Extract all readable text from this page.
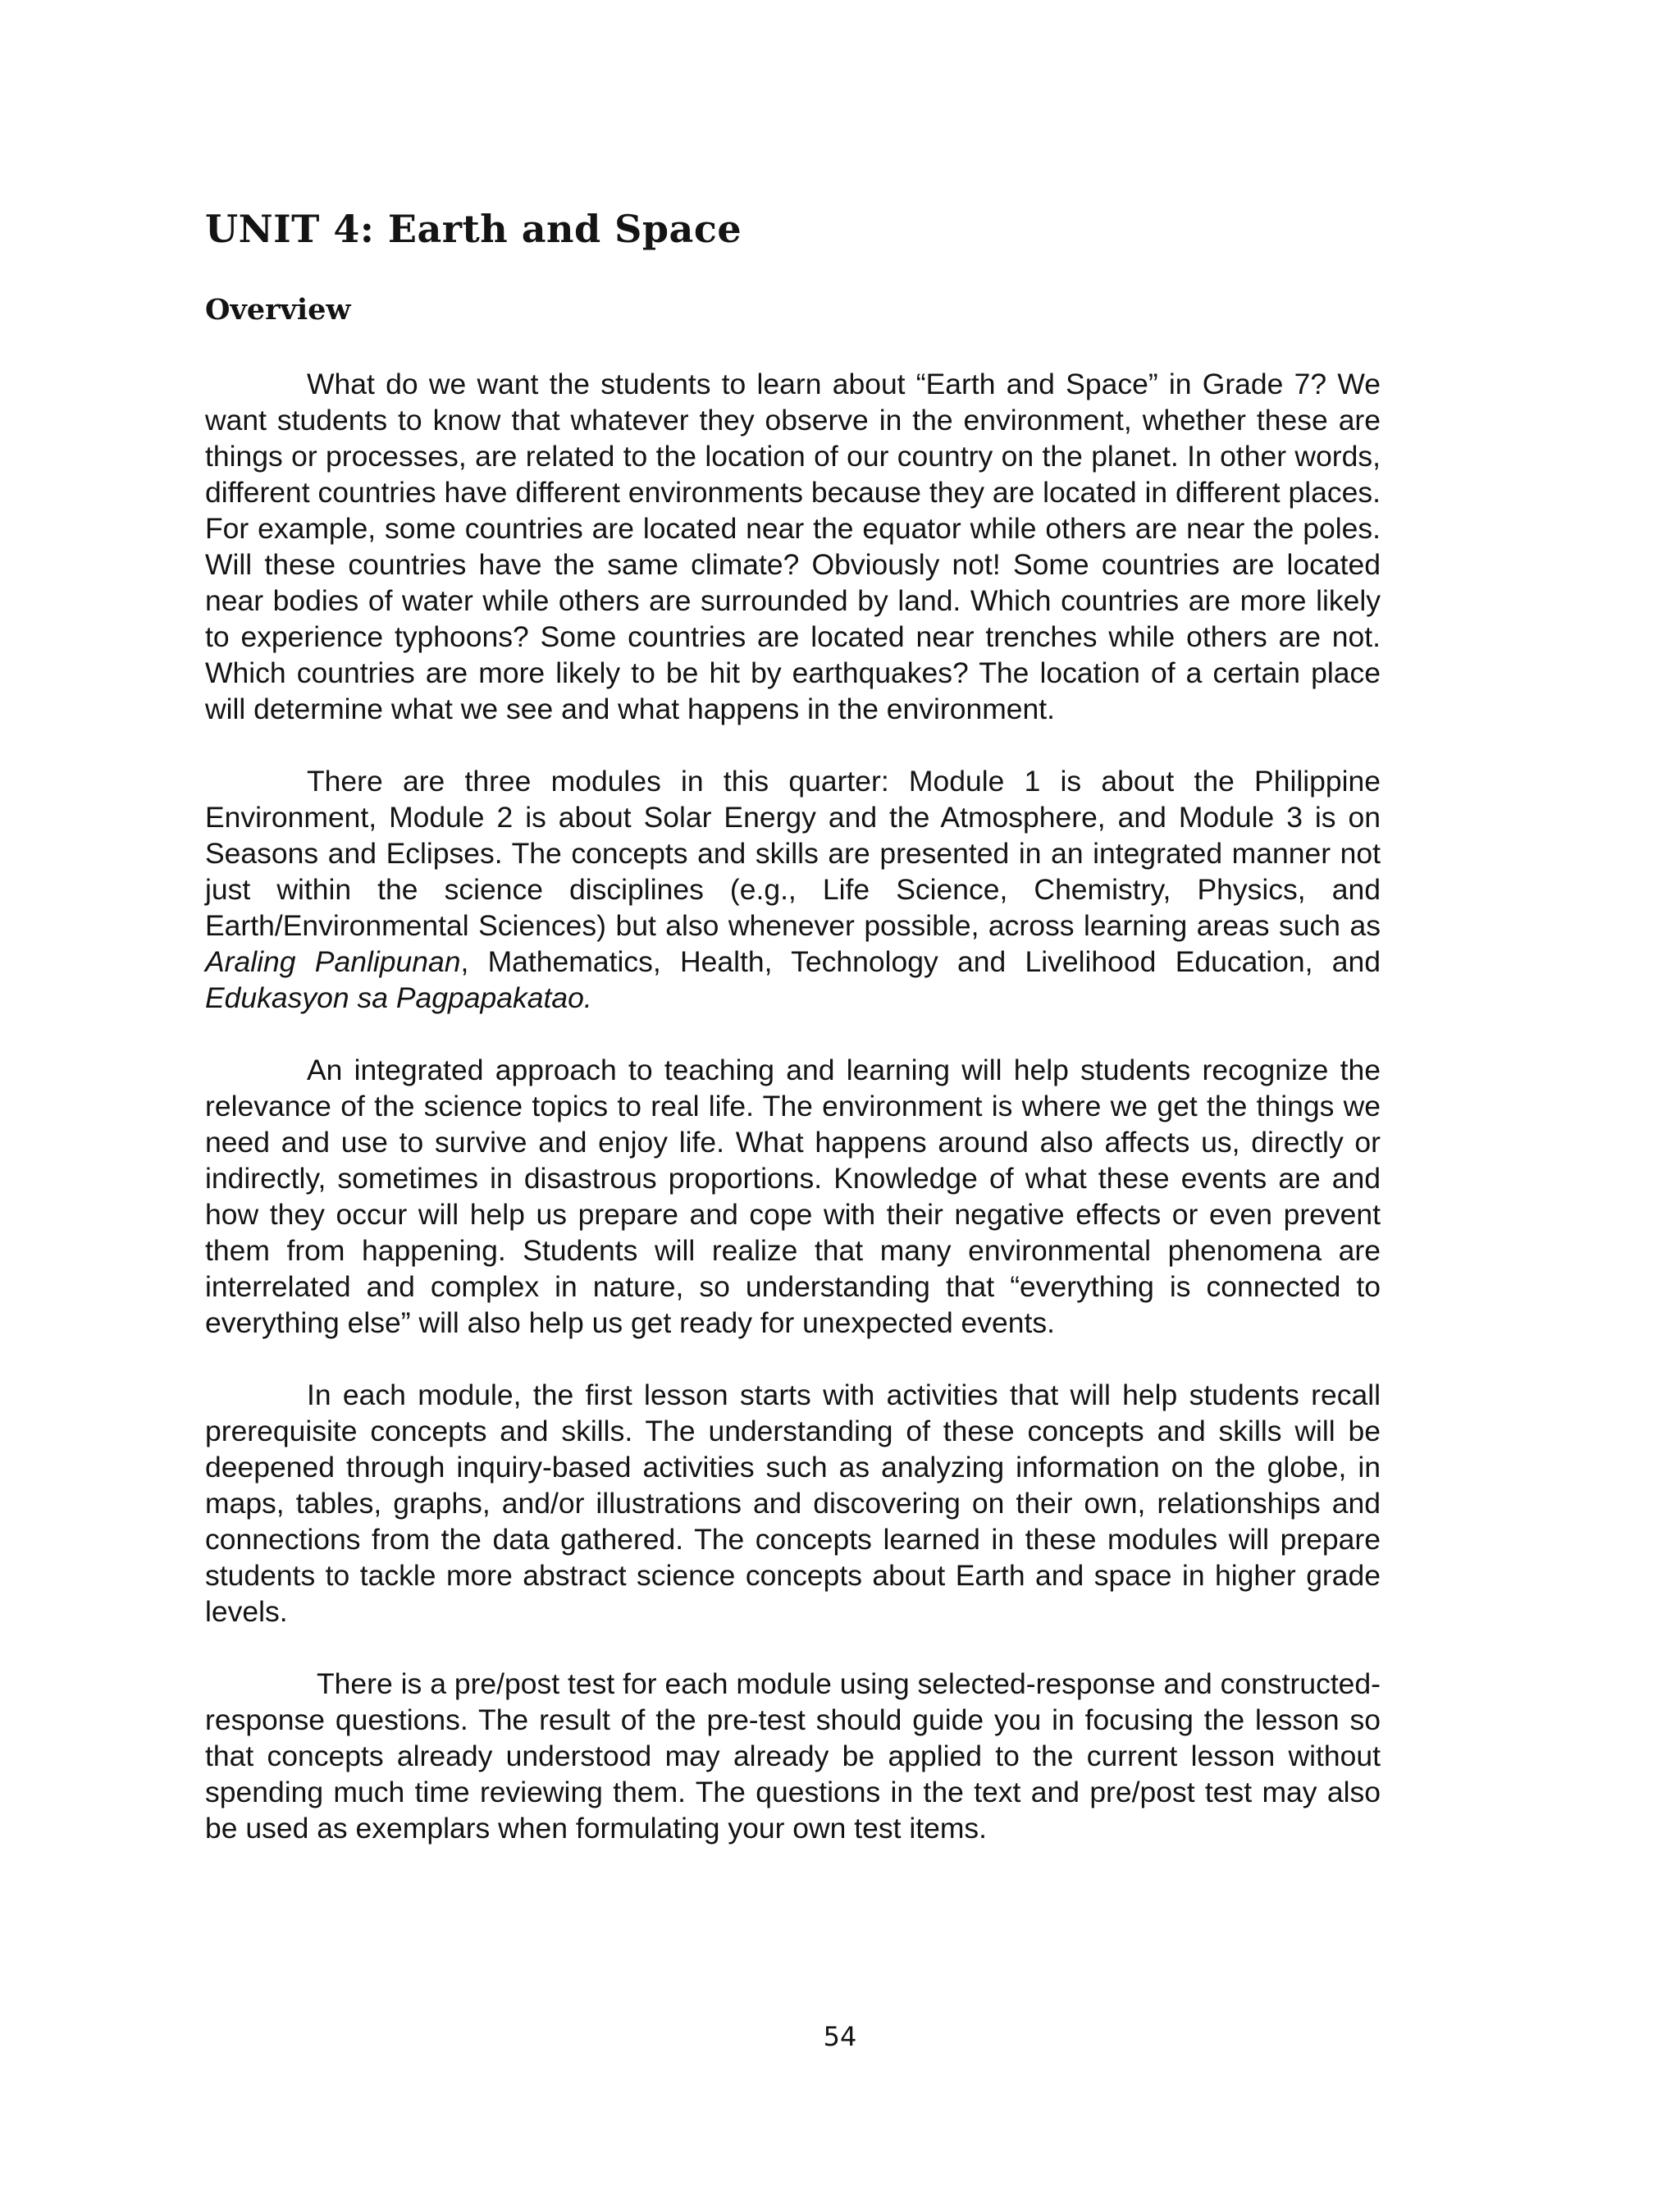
UNIT 4: Earth and Space
Overview

What do we want the students to learn about “Earth and Space” in Grade 7? We want students to know that whatever they observe in the environment, whether these are things or processes, are related to the location of our country on the planet. In other words, different countries have different environments because they are located in different places. For example, some countries are located near the equator while others are near the poles. Will these countries have the same climate? Obviously not! Some countries are located near bodies of water while others are surrounded by land. Which countries are more likely to experience typhoons? Some countries are located near trenches while others are not. Which countries are more likely to be hit by earthquakes? The location of a certain place will determine what we see and what happens in the environment.

There are three modules in this quarter: Module 1 is about the Philippine Environment, Module 2 is about Solar Energy and the Atmosphere, and Module 3 is on Seasons and Eclipses. The concepts and skills are presented in an integrated manner not just within the science disciplines (e.g., Life Science, Chemistry, Physics, and Earth/Environmental Sciences) but also whenever possible, across learning areas such as Araling Panlipunan, Mathematics, Health, Technology and Livelihood Education, and Edukasyon sa Pagpapakatao.

An integrated approach to teaching and learning will help students recognize the relevance of the science topics to real life. The environment is where we get the things we need and use to survive and enjoy life. What happens around also affects us, directly or indirectly, sometimes in disastrous proportions. Knowledge of what these events are and how they occur will help us prepare and cope with their negative effects or even prevent them from happening. Students will realize that many environmental phenomena are interrelated and complex in nature, so understanding that “everything is connected to everything else” will also help us get ready for unexpected events.

In each module, the first lesson starts with activities that will help students recall prerequisite concepts and skills. The understanding of these concepts and skills will be deepened through inquiry-based activities such as analyzing information on the globe, in maps, tables, graphs, and/or illustrations and discovering on their own, relationships and connections from the data gathered. The concepts learned in these modules will prepare students to tackle more abstract science concepts about Earth and space in higher grade levels.

There is a pre/post test for each module using selected-response and constructed-response questions. The result of the pre-test should guide you in focusing the lesson so that concepts already understood may already be applied to the current lesson without spending much time reviewing them. The questions in the text and pre/post test may also be used as exemplars when formulating your own test items.

54
